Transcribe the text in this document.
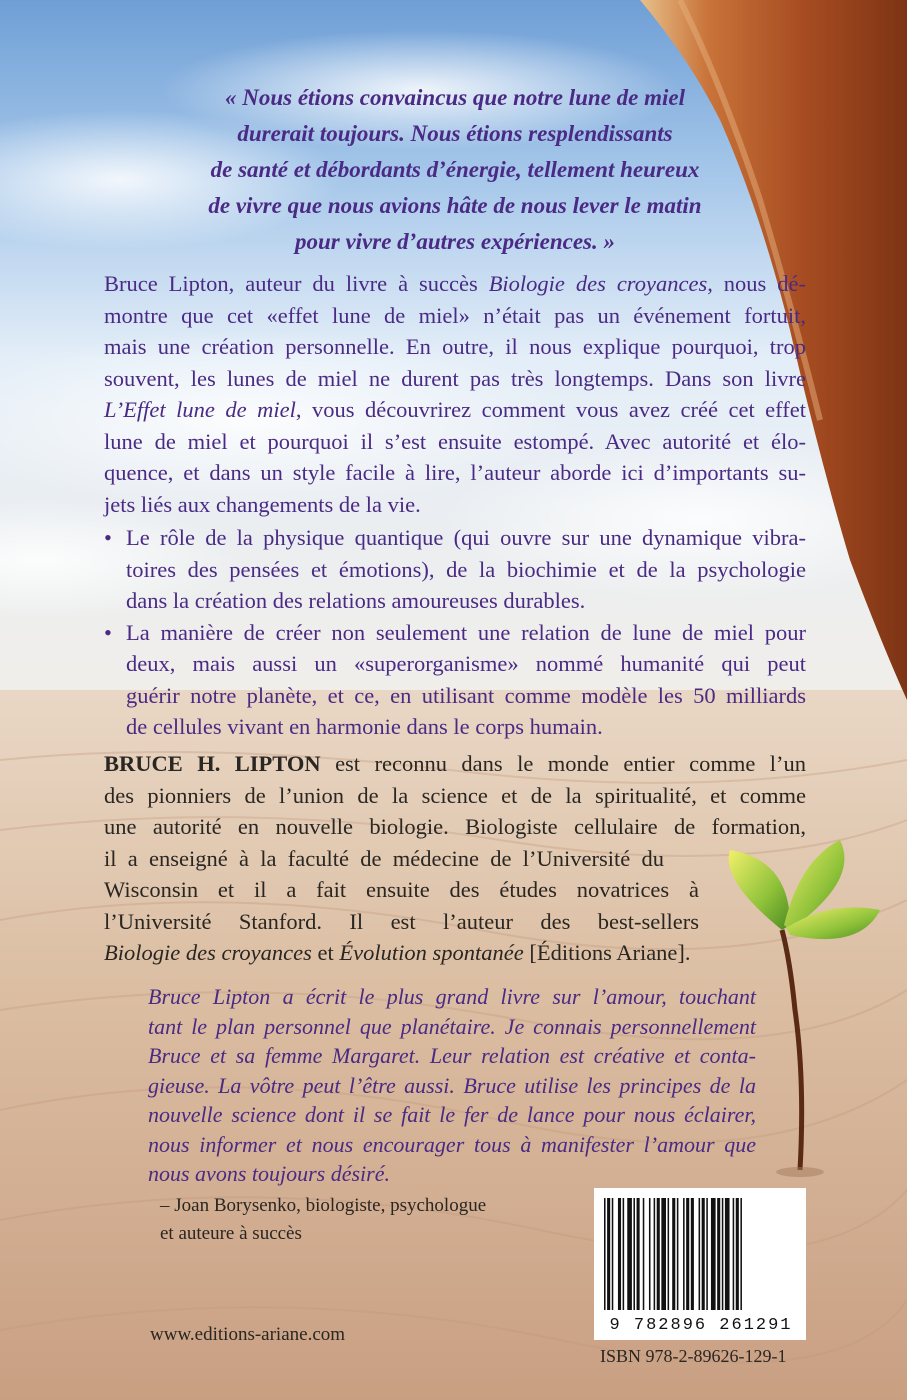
« Nous étions convaincus que notre lune de miel

durerait toujours. Nous étions resplendissants

de santé et débordants d’énergie, tellement heureux

de vivre que nous avions hâte de nous lever le matin

pour vivre d’autres expériences. »

Bruce Lipton, auteur du livre à succès Biologie des croyances, nous dé-
montre que cet «effet lune de miel» n’était pas un événement fortuit,
mais une création personnelle. En outre, il nous explique pourquoi, trop
souvent, les lunes de miel ne durent pas très longtemps. Dans son livre
L’Effet lune de miel, vous découvrirez comment vous avez créé cet effet
lune de miel et pourquoi il s’est ensuite estompé. Avec autorité et élo-
quence, et dans un style facile à lire, l’auteur aborde ici d’importants su-
jets liés aux changements de la vie.
• Le rôle de la physique quantique (qui ouvre sur une dynamique vibra-
toires des pensées et émotions), de la biochimie et de la psychologie
dans la création des relations amoureuses durables.
• La manière de créer non seulement une relation de lune de miel pour
deux, mais aussi un «superorganisme» nommé humanité qui peut
guérir notre planète, et ce, en utilisant comme modèle les 50 milliards
de cellules vivant en harmonie dans le corps humain.
BRUCE H. LIPTON est reconnu dans le monde entier comme l’un
des pionniers de l’union de la science et de la spiritualité, et comme
une autorité en nouvelle biologie. Biologiste cellulaire de formation,
il a enseigné à la faculté de médecine de l’Université du
Wisconsin et il a fait ensuite des études novatrices à
l’Université Stanford. Il est l’auteur des best-sellers
Biologie des croyances et Évolution spontanée [Éditions Ariane].
Bruce Lipton a écrit le plus grand livre sur l’amour, touchant
tant le plan personnel que planétaire. Je connais personnellement
Bruce et sa femme Margaret. Leur relation est créative et conta-
gieuse. La vôtre peut l’être aussi. Bruce utilise les principes de la
nouvelle science dont il se fait le fer de lance pour nous éclairer,
nous informer et nous encourager tous à manifester l’amour que
nous avons toujours désiré.
– Joan Borysenko, biologiste, psychologue
et auteure à succès
www.editions-ariane.com	9 782896 261291
ISBN 978-2-89626-129-1
